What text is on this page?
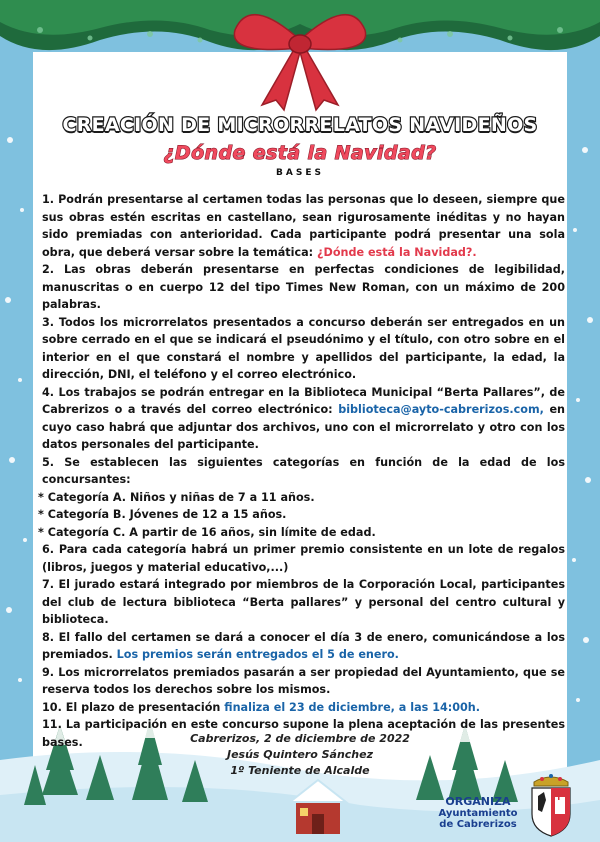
CREACIÓN DE MICRORRELATOS NAVIDEÑOS
¿Dónde está la Navidad?
BASES

1. Podrán presentarse al certamen todas las personas que lo deseen, siempre que sus obras estén escritas en castellano, sean rigurosamente inéditas y no hayan sido premiadas con anterioridad. Cada participante podrá presentar una sola obra, que deberá versar sobre la temática: ¿Dónde está la Navidad?.

2. Las obras deberán presentarse en perfectas condiciones de legibilidad, manuscritas o en cuerpo 12 del tipo Times New Roman, con un máximo de 200 palabras.

3. Todos los microrrelatos presentados a concurso deberán ser entregados en un sobre cerrado en el que se indicará el pseudónimo y el título, con otro sobre en el interior en el que constará el nombre y apellidos del participante, la edad, la dirección, DNI, el teléfono y el correo electrónico.

4. Los trabajos se podrán entregar en la Biblioteca Municipal “Berta Pallares”, de Cabrerizos o a través del correo electrónico: biblioteca@ayto-cabrerizos.com, en cuyo caso habrá que adjuntar dos archivos, uno con el microrrelato y otro con los datos personales del participante.

5. Se establecen las siguientes categorías en función de la edad de los concursantes:

* Categoría A. Niños y niñas de 7 a 11 años.

* Categoría B. Jóvenes de 12 a 15 años.

* Categoría C. A partir de 16 años, sin límite de edad.

6. Para cada categoría habrá un primer premio consistente en un lote de regalos (libros, juegos y material educativo,...)

7. El jurado estará integrado por miembros de la Corporación Local, participantes del club de lectura biblioteca “Berta pallares” y personal del centro cultural y biblioteca.

8. El fallo del certamen se dará a conocer el día 3 de enero, comunicándose a los premiados. Los premios serán entregados el 5 de enero.

9. Los microrrelatos premiados pasarán a ser propiedad del Ayuntamiento, que se reserva todos los derechos sobre los mismos.

10. El plazo de presentación finaliza el 23 de diciembre, a las 14:00h.

11. La participación en este concurso supone la plena aceptación de las presentes bases.	Cabrerizos, 2 de diciembre de 2022
Jesús Quintero Sánchez
1º Teniente de Alcalde
ORGANIZA
Ayuntamiento
de Cabrerizos
